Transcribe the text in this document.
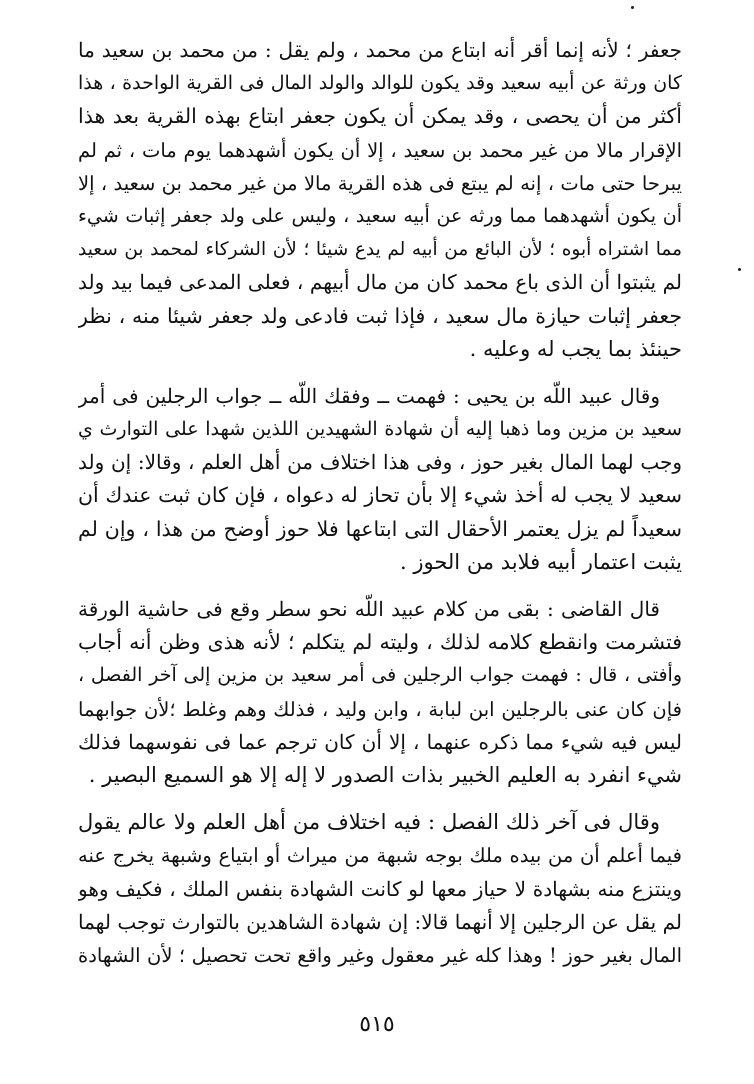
جعفر ؛ لأنه إنما أقر أنه ابتاع من محمد ، ولم يقل : من محمد بن سعيد ما
كان ورثة عن أبيه سعيد وقد يكون للوالد والولد المال فى القرية الواحدة ، هذا
أكثر من أن يحصى ، وقد يمكن أن يكون جعفر ابتاع بهذه القرية بعد هذا
الإقرار مالا من غير محمد بن سعيد ، إلا أن يكون أشهدهما يوم مات ، ثم لم
يبرحا حتى مات ، إنه لم يبتع فى هذه القرية مالا من غير محمد بن سعيد ، إلا
أن يكون أشهدهما مما ورثه عن أبيه سعيد ، وليس على ولد جعفر إثبات شيء
مما اشتراه أبوه ؛ لأن البائع من أبيه لم يدع شيئا ؛ لأن الشركاء لمحمد بن سعيد
لم يثبتوا أن الذى باع محمد كان من مال أبيهم ، فعلى المدعى فيما بيد ولد
جعفر إثبات حيازة مال سعيد ، فإذا ثبت فادعى ولد جعفر شيئا منه ، نظر
حينئذ بما يجب له وعليه .
وقال عبيد اللّه بن يحيى : فهمت ــ وفقك اللّه ــ جواب الرجلين فى أمر
سعيد بن مزين وما ذهبا إليه أن شهادة الشهيدين اللذين شهدا على التوارث ي
وجب لهما المال بغير حوز ، وفى هذا اختلاف من أهل العلم ، وقالا: إن ولد
سعيد لا يجب له أخذ شيء إلا بأن تحاز له دعواه ، فإن كان ثبت عندك أن
سعيداً لم يزل يعتمر الأحقال التى ابتاعها فلا حوز أوضح من هذا ، وإن لم
يثبت اعتمار أبيه فلابد من الحوز .
قال القاضى : بقى من كلام عبيد اللّه نحو سطر وقع فى حاشية الورقة
فتشرمت وانقطع كلامه لذلك ، وليته لم يتكلم ؛ لأنه هذى وظن أنه أجاب
وأفتى ، قال : فهمت جواب الرجلين فى أمر سعيد بن مزين إلى آخر الفصل ،
فإن كان عنى بالرجلين ابن لبابة ، وابن وليد ، فذلك وهم وغلط ؛لأن جوابهما
ليس فيه شيء مما ذكره عنهما ، إلا أن كان ترجم عما فى نفوسهما فذلك
شيء انفرد به العليم الخبير بذات الصدور لا إله إلا هو السميع البصير .
وقال فى آخر ذلك الفصل : فيه اختلاف من أهل العلم ولا عالم يقول
فيما أعلم أن من بيده ملك بوجه شبهة من ميراث أو ابتياع وشبهة يخرج عنه
وينتزع منه بشهادة لا حياز معها لو كانت الشهادة بنفس الملك ، فكيف وهو
لم يقل عن الرجلين إلا أنهما قالا: إن شهادة الشاهدين بالتوارث توجب لهما
المال بغير حوز ! وهذا كله غير معقول وغير واقع تحت تحصيل ؛ لأن الشهادة
٥١٥
